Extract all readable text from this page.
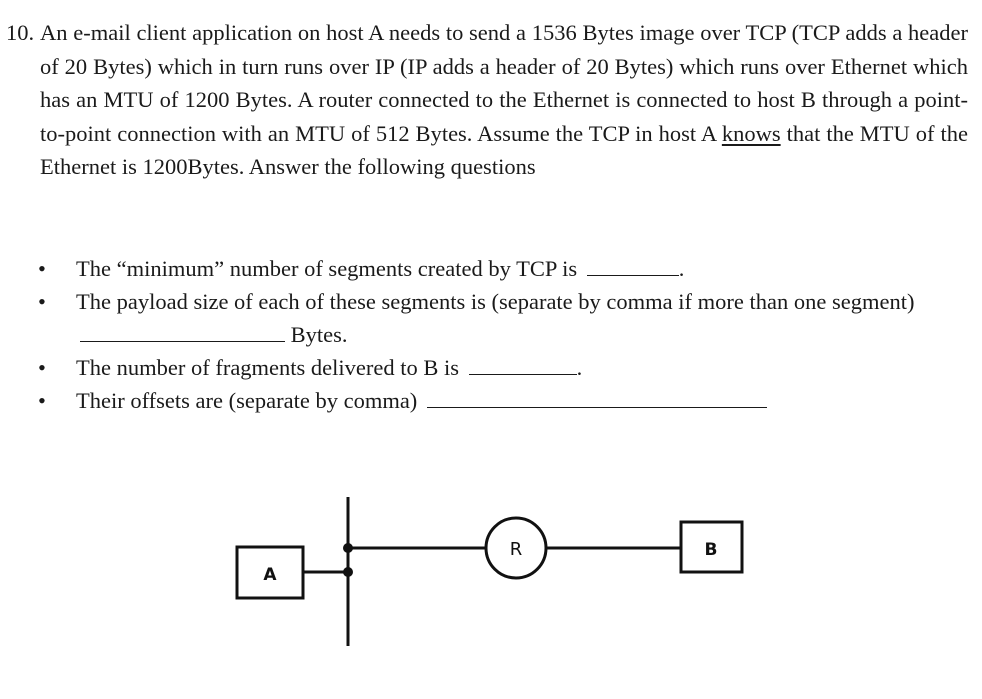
10. An e-mail client application on host A needs to send a 1536 Bytes image over TCP (TCP adds a header of 20 Bytes) which in turn runs over IP (IP adds a header of 20 Bytes) which runs over Ethernet which has an MTU of 1200 Bytes. A router connected to the Ethernet is connected to host B through a point-to-point connection with an MTU of 512 Bytes. Assume the TCP in host A knows that the MTU of the Ethernet is 1200Bytes. Answer the following questions
• The “minimum” number of segments created by TCP is	.
• The payload size of each of these segments is (separate by comma if more than one segment)  Bytes.
• The number of fragments delivered to B is	.
• Their offsets are (separate by comma)
A
R	B
